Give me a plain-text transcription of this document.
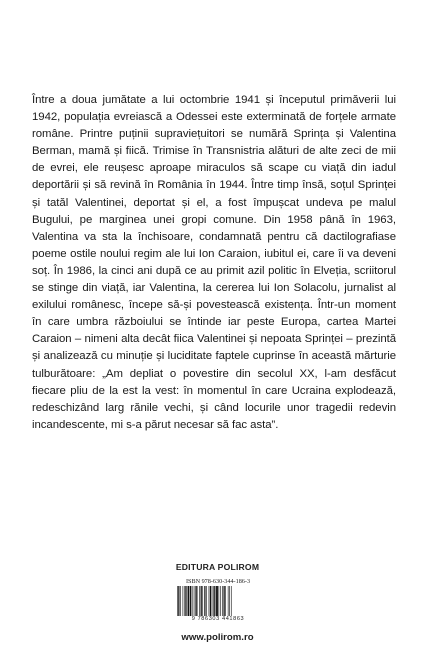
Între a doua jumătate a lui octombrie 1941 și începutul primăverii lui 1942, populația evreiască a Odessei este exterminată de forțele armate române. Printre puținii supraviețuitori se numără Sprința și Valentina Berman, mamă și fiică. Trimise în Transnistria alături de alte zeci de mii de evrei, ele reușesc aproape miraculos să scape cu viață din iadul deportării și să revină în România în 1944. Între timp însă, soțul Sprinței și tatăl Valentinei, deportat și el, a fost împușcat undeva pe malul Bugului, pe marginea unei gropi comune. Din 1958 până în 1963, Valentina va sta la închisoare, condamnată pentru că dactilografiase poeme ostile noului regim ale lui Ion Caraion, iubitul ei, care îi va deveni soț. În 1986, la cinci ani după ce au primit azil politic în Elveția, scriitorul se stinge din viață, iar Valentina, la cererea lui Ion Solacolu, jurnalist al exilului românesc, începe să-și povestească existența. Într-un moment în care umbra războiului se întinde iar peste Europa, cartea Martei Caraion – nimeni alta decât fiica Valentinei și nepoata Sprinței – prezintă și analizează cu minuție și luciditate faptele cuprinse în această mărturie tulburătoare: „Am depliat o povestire din secolul XX, l-am desfăcut fiecare pliu de la est la vest: în momentul în care Ucraina explodează, redeschizând larg rănile vechi, și când locurile unor tragedii redevin incandescente, mi s-a părut necesar să fac asta”.

EDITURA POLIROM
ISBN 978-630-344-186-3
9 786303 441863
www.polirom.ro
